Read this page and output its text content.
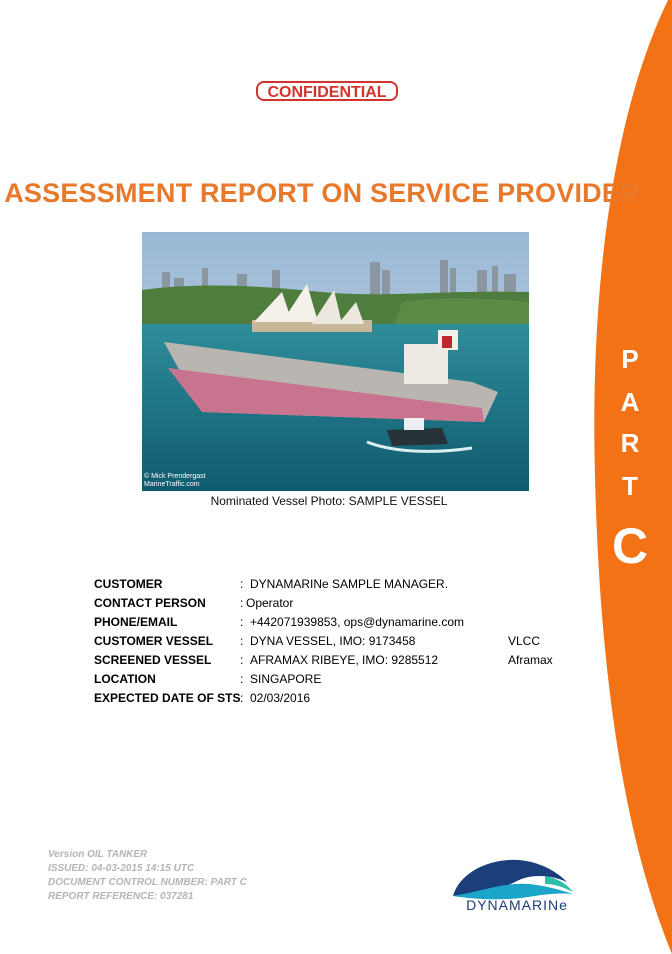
CONFIDENTIAL
ASSESSMENT REPORT ON SERVICE PROVIDER
© Mick Prendergast
MarineTraffic.com
Nominated Vessel Photo: SAMPLE VESSEL
P
A
R
T
C
CUSTOMER	: DYNAMARINe SAMPLE MANAGER.
CONTACT PERSON	: Operator
PHONE/EMAIL	: +442071939853, ops@dynamarine.com
CUSTOMER VESSEL	: DYNA VESSEL, IMO: 9173458	VLCC
SCREENED VESSEL	: AFRAMAX RIBEYE, IMO: 9285512	Aframax
LOCATION	: SINGAPORE
EXPECTED DATE OF STS : 02/03/2016
Version OIL TANKER
ISSUED: 04-03-2015 14:15 UTC
DOCUMENT CONTROL NUMBER: PART C
REPORT REFERENCE: 037281
DYNAMARINe
